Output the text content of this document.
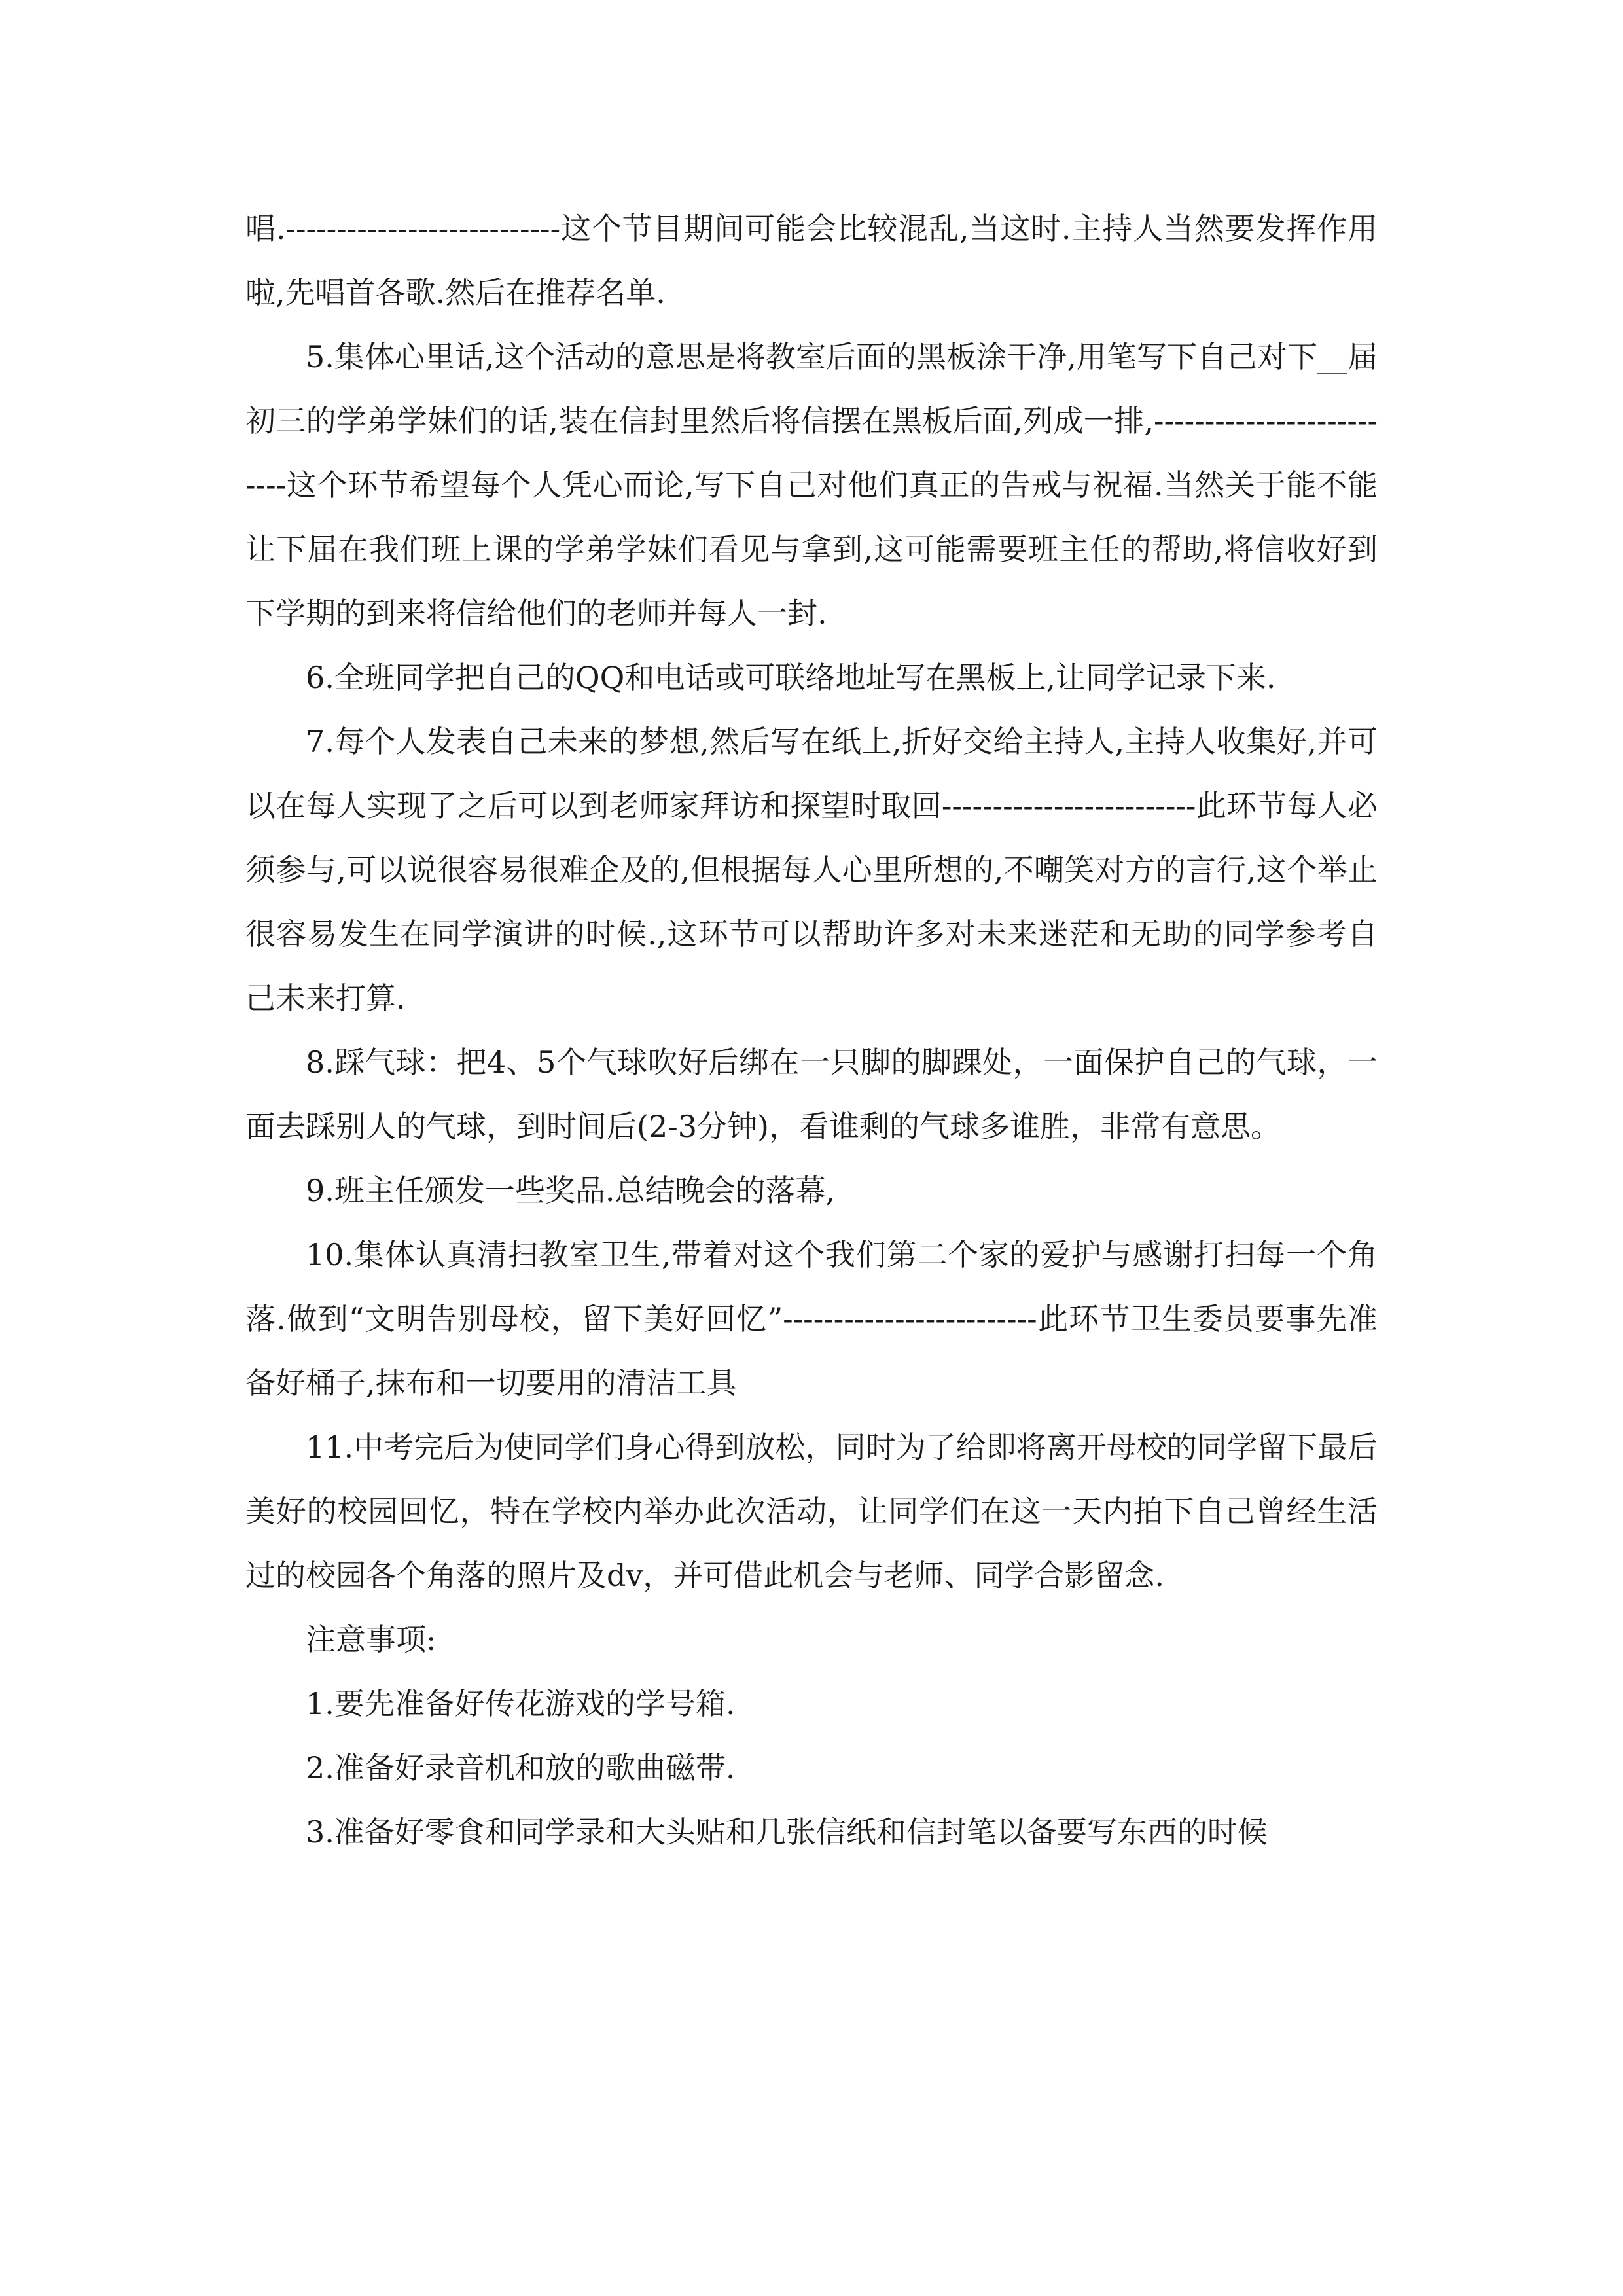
唱.---------------------------这个节目期间可能会比较混乱,当这时.主持人当然要发挥作用啦,先唱首各歌.然后在推荐名单.

5.集体心里话,这个活动的意思是将教室后面的黑板涂干净,用笔写下自己对下__届初三的学弟学妹们的话,装在信封里然后将信摆在黑板后面,列成一排,--------------------------这个环节希望每个人凭心而论,写下自己对他们真正的告戒与祝福.当然关于能不能让下届在我们班上课的学弟学妹们看见与拿到,这可能需要班主任的帮助,将信收好到下学期的到来将信给他们的老师并每人一封.

6.全班同学把自己的QQ和电话或可联络地址写在黑板上,让同学记录下来.

7.每个人发表自己未来的梦想,然后写在纸上,折好交给主持人,主持人收集好,并可以在每人实现了之后可以到老师家拜访和探望时取回-------------------------此环节每人必须参与,可以说很容易很难企及的,但根据每人心里所想的,不嘲笑对方的言行,这个举止很容易发生在同学演讲的时候.,这环节可以帮助许多对未来迷茫和无助的同学参考自己未来打算.

8.踩气球：把4、5个气球吹好后绑在一只脚的脚踝处，一面保护自己的气球，一面去踩别人的气球，到时间后(2-3分钟)，看谁剩的气球多谁胜，非常有意思。

9.班主任颁发一些奖品.总结晚会的落幕,

10.集体认真清扫教室卫生,带着对这个我们第二个家的爱护与感谢打扫每一个角落.做到“文明告别母校，留下美好回忆”-------------------------此环节卫生委员要事先准备好桶子,抹布和一切要用的清洁工具

11.中考完后为使同学们身心得到放松，同时为了给即将离开母校的同学留下最后美好的校园回忆，特在学校内举办此次活动，让同学们在这一天内拍下自己曾经生活过的校园各个角落的照片及dv，并可借此机会与老师、同学合影留念.

注意事项:

1.要先准备好传花游戏的学号箱.

2.准备好录音机和放的歌曲磁带.

3.准备好零食和同学录和大头贴和几张信纸和信封笔以备要写东西的时候
